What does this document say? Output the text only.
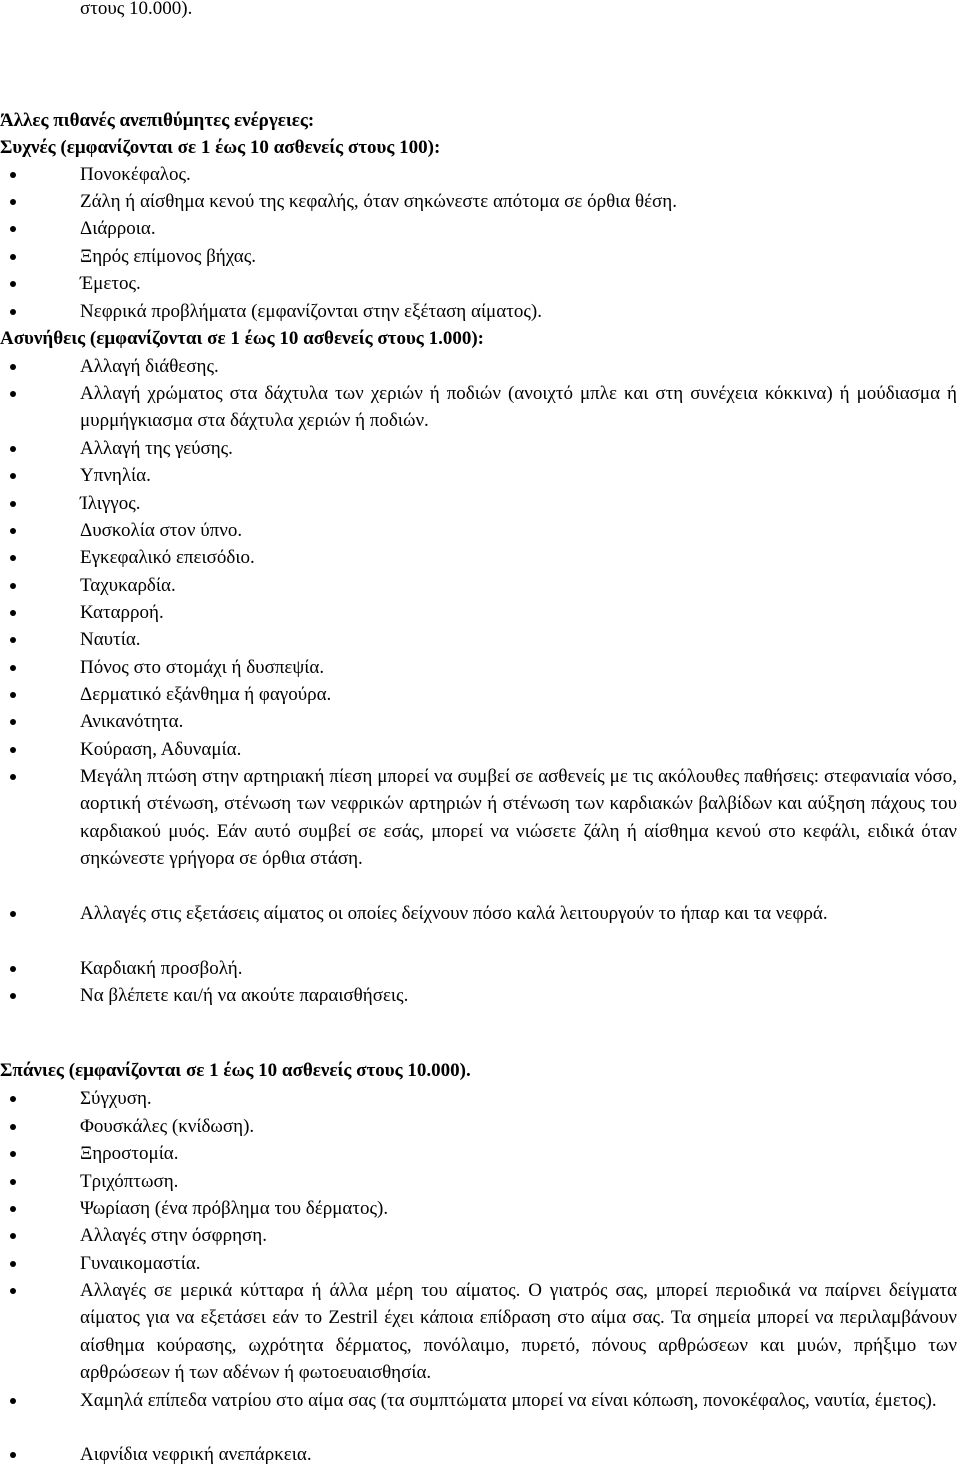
στους 10.000).
Άλλες πιθανές ανεπιθύμητες ενέργειες:
Συχνές (εμφανίζονται σε 1 έως 10 ασθενείς στους 100):
Πονοκέφαλος.
Ζάλη ή αίσθημα κενού της κεφαλής, όταν σηκώνεστε απότομα σε όρθια θέση.
Διάρροια.
Ξηρός επίμονος βήχας.
Έμετος.
Νεφρικά προβλήματα (εμφανίζονται στην εξέταση αίματος).
Ασυνήθεις (εμφανίζονται σε 1 έως 10 ασθενείς στους 1.000):
Αλλαγή διάθεσης.
Αλλαγή χρώματος στα δάχτυλα των χεριών ή ποδιών (ανοιχτό μπλε και στη συνέχεια κόκκινα) ή μούδιασμα ή μυρμήγκιασμα στα δάχτυλα χεριών ή ποδιών.
Αλλαγή της γεύσης.
Υπνηλία.
Ίλιγγος.
Δυσκολία στον ύπνο.
Εγκεφαλικό επεισόδιο.
Ταχυκαρδία.
Καταρροή.
Ναυτία.
Πόνος στο στομάχι ή δυσπεψία.
Δερματικό εξάνθημα ή φαγούρα.
Ανικανότητα.
Κούραση, Αδυναμία.
Μεγάλη πτώση στην αρτηριακή πίεση μπορεί να συμβεί σε ασθενείς με τις ακόλουθες παθήσεις: στεφανιαία νόσο, αορτική στένωση, στένωση των νεφρικών αρτηριών ή στένωση των καρδιακών βαλβίδων και αύξηση πάχους του καρδιακού μυός. Εάν αυτό συμβεί σε εσάς, μπορεί να νιώσετε ζάλη ή αίσθημα κενού στο κεφάλι, ειδικά όταν σηκώνεστε γρήγορα σε όρθια στάση.
Αλλαγές στις εξετάσεις αίματος οι οποίες δείχνουν πόσο καλά λειτουργούν το ήπαρ και τα νεφρά.
Καρδιακή προσβολή.
Να βλέπετε και/ή να ακούτε παραισθήσεις.
Σπάνιες (εμφανίζονται σε 1 έως 10 ασθενείς στους 10.000).
Σύγχυση.
Φουσκάλες (κνίδωση).
Ξηροστομία.
Τριχόπτωση.
Ψωρίαση (ένα πρόβλημα του δέρματος).
Αλλαγές στην όσφρηση.
Γυναικομαστία.
Αλλαγές σε μερικά κύτταρα ή άλλα μέρη του αίματος. Ο γιατρός σας, μπορεί περιοδικά να παίρνει δείγματα αίματος για να εξετάσει εάν το Zestril έχει κάποια επίδραση στο αίμα σας. Τα σημεία μπορεί να περιλαμβάνουν αίσθημα κούρασης, ωχρότητα δέρματος, πονόλαιμο, πυρετό, πόνους αρθρώσεων και μυών, πρήξιμο των αρθρώσεων ή των αδένων ή φωτοευαισθησία.
Χαμηλά επίπεδα νατρίου στο αίμα σας (τα συμπτώματα μπορεί να είναι κόπωση, πονοκέφαλος, ναυτία, έμετος).
Αιφνίδια νεφρική ανεπάρκεια.
